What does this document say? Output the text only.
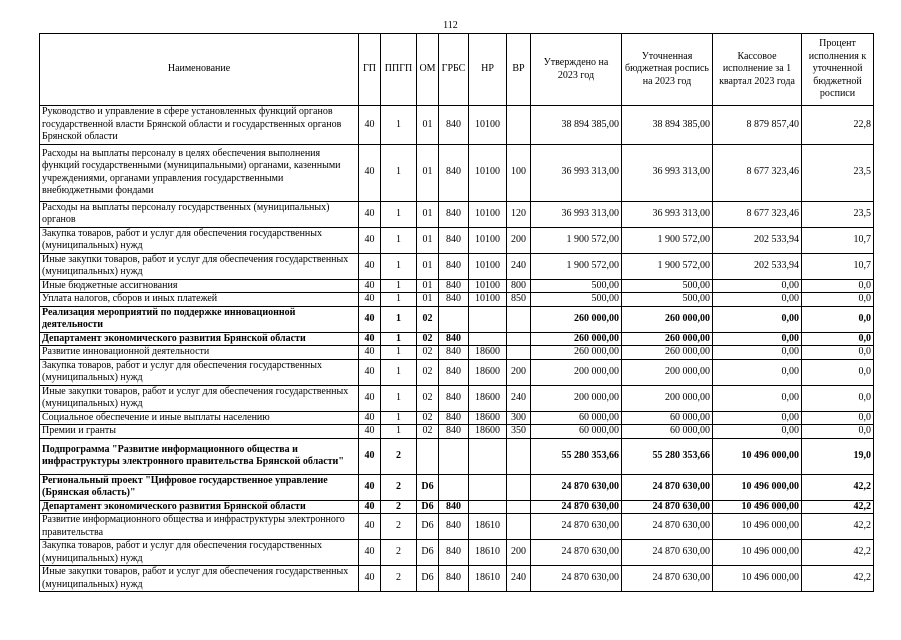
112
Наименование	ГП	ППГП	ОМ	ГРБС	НР	ВР	Утверждено на 2023 год	Уточненная бюджетная роспись на 2023 год	Кассовое исполнение за 1 квартал 2023 года	Процент исполнения к уточненной бюджетной росписи
Руководство и управление в сфере установленных функций органов государственной власти Брянской области и государственных органов Брянской области	40	1	01	840	10100		38 894 385,00	38 894 385,00	8 879 857,40	22,8
Расходы на выплаты персоналу в целях обеспечения выполнения функций государственными (муниципальными) органами, казенными учреждениями, органами управления государственными внебюджетными фондами	40	1	01	840	10100	100	36 993 313,00	36 993 313,00	8 677 323,46	23,5
Расходы на выплаты персоналу государственных (муниципальных) органов	40	1	01	840	10100	120	36 993 313,00	36 993 313,00	8 677 323,46	23,5
Закупка товаров, работ и услуг для обеспечения государственных (муниципальных) нужд	40	1	01	840	10100	200	1 900 572,00	1 900 572,00	202 533,94	10,7
Иные закупки товаров, работ и услуг для обеспечения государственных (муниципальных) нужд	40	1	01	840	10100	240	1 900 572,00	1 900 572,00	202 533,94	10,7
Иные бюджетные ассигнования	40	1	01	840	10100	800	500,00	500,00	0,00	0,0
Уплата налогов, сборов и иных платежей	40	1	01	840	10100	850	500,00	500,00	0,00	0,0
Реализация мероприятий по поддержке инновационной деятельности	40	1	02				260 000,00	260 000,00	0,00	0,0
Департамент экономического развития Брянской области	40	1	02	840			260 000,00	260 000,00	0,00	0,0
Развитие инновационной деятельности	40	1	02	840	18600		260 000,00	260 000,00	0,00	0,0
Закупка товаров, работ и услуг для обеспечения государственных (муниципальных) нужд	40	1	02	840	18600	200	200 000,00	200 000,00	0,00	0,0
Иные закупки товаров, работ и услуг для обеспечения государственных (муниципальных) нужд	40	1	02	840	18600	240	200 000,00	200 000,00	0,00	0,0
Социальное обеспечение и иные выплаты населению	40	1	02	840	18600	300	60 000,00	60 000,00	0,00	0,0
Премии и гранты	40	1	02	840	18600	350	60 000,00	60 000,00	0,00	0,0
Подпрограмма "Развитие информационного общества и инфраструктуры электронного правительства Брянской области"	40	2					55 280 353,66	55 280 353,66	10 496 000,00	19,0
Региональный проект "Цифровое государственное управление (Брянская область)"	40	2	D6				24 870 630,00	24 870 630,00	10 496 000,00	42,2
Департамент экономического развития Брянской области	40	2	D6	840			24 870 630,00	24 870 630,00	10 496 000,00	42,2
Развитие информационного общества и инфраструктуры электронного правительства	40	2	D6	840	18610		24 870 630,00	24 870 630,00	10 496 000,00	42,2
Закупка товаров, работ и услуг для обеспечения государственных (муниципальных) нужд	40	2	D6	840	18610	200	24 870 630,00	24 870 630,00	10 496 000,00	42,2
Иные закупки товаров, работ и услуг для обеспечения государственных (муниципальных) нужд	40	2	D6	840	18610	240	24 870 630,00	24 870 630,00	10 496 000,00	42,2
